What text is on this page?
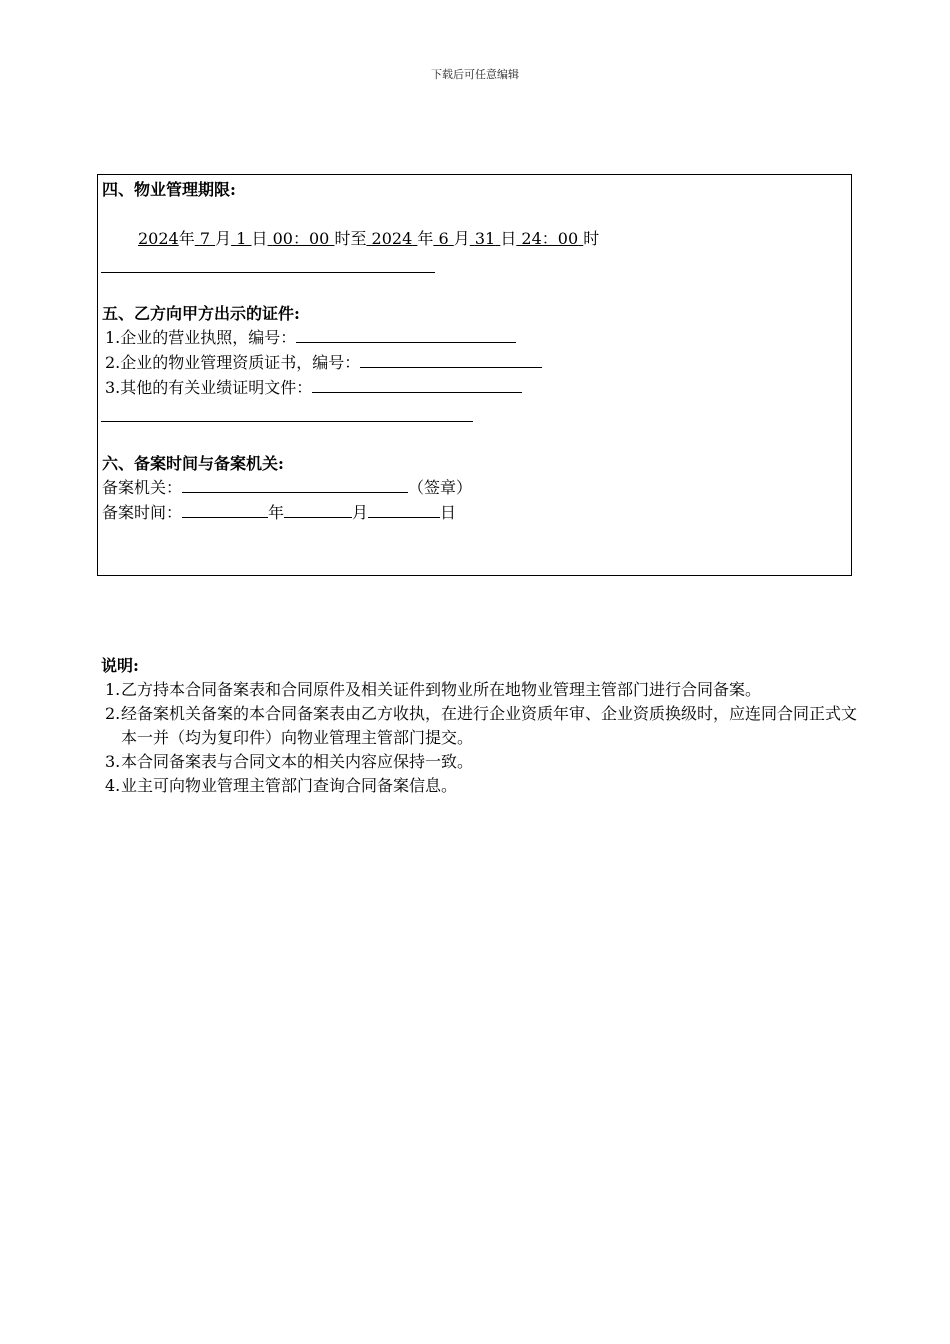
下载后可任意编辑
四、物业管理期限:
2024年 7 月 1 日 00：00 时至 2024 年 6 月 31 日 24：00 时
五、乙方向甲方出示的证件:
1.企业的营业执照，编号：
2.企业的物业管理资质证书，编号：
3.其他的有关业绩证明文件：
六、备案时间与备案机关:
备案机关：	（签章）
备案时间：	年	月	日
说明:
1. 乙方持本合同备案表和合同原件及相关证件到物业所在地物业管理主管部门进行合同备案。
2. 经备案机关备案的本合同备案表由乙方收执，在进行企业资质年审、企业资质换级时，应连同合同正式文本一并（均为复印件）向物业管理主管部门提交。
3. 本合同备案表与合同文本的相关内容应保持一致。
4. 业主可向物业管理主管部门查询合同备案信息。
